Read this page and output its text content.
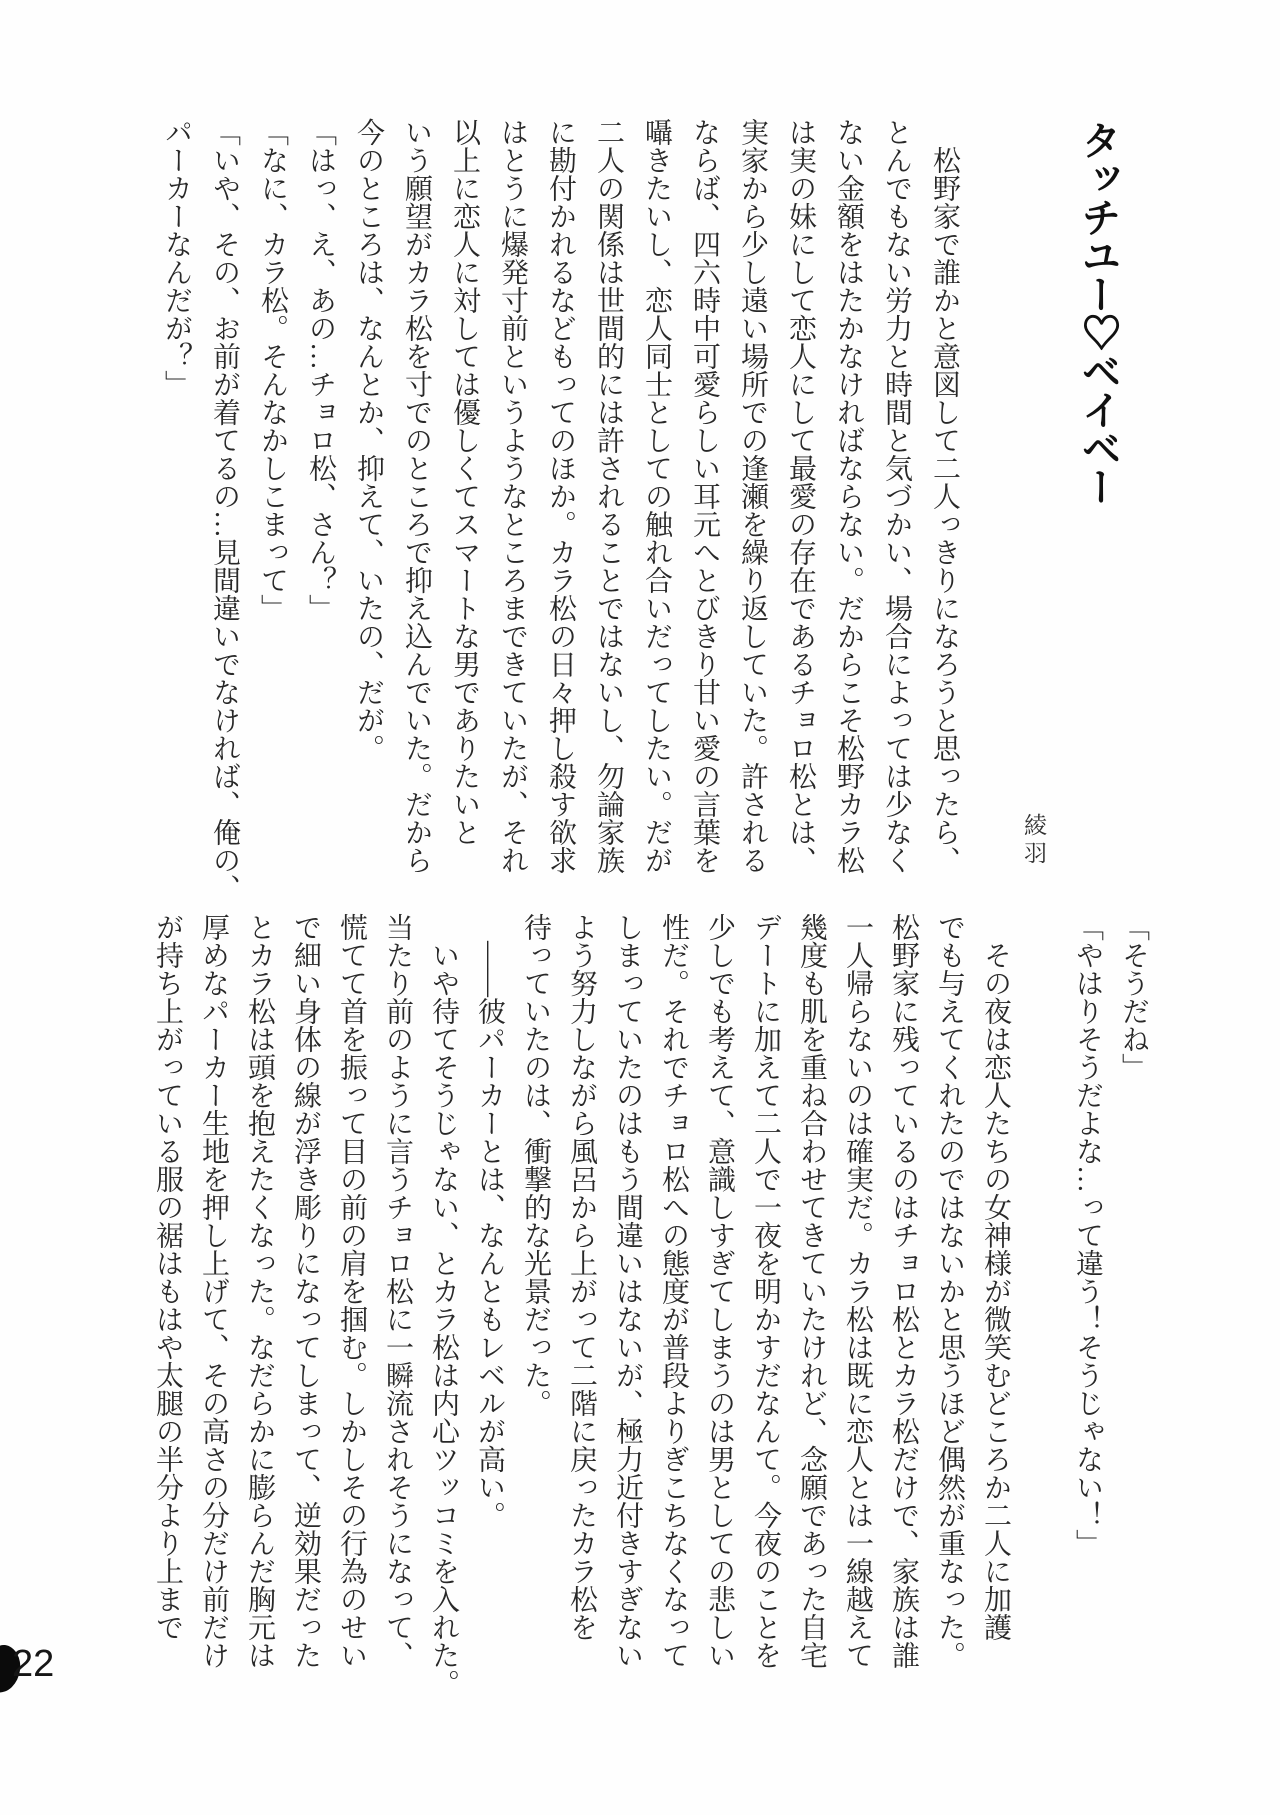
タッチユー♡ベイベー
綾羽

　松野家で誰かと意図して二人っきりになろうと思ったら、

とんでもない労力と時間と気づかい、場合によっては少なく

ない金額をはたかなければならない。だからこそ松野カラ松

は実の妹にして恋人にして最愛の存在であるチョロ松とは、

実家から少し遠い場所での逢瀬を繰り返していた。許される

ならば、四六時中可愛らしい耳元へとびきり甘い愛の言葉を

囁きたいし、恋人同士としての触れ合いだってしたい。だが

二人の関係は世間的には許されることではないし、勿論家族

に勘付かれるなどもってのほか。カラ松の日々押し殺す欲求

はとうに爆発寸前というようなところまできていたが、それ

以上に恋人に対しては優しくてスマートな男でありたいと

いう願望がカラ松を寸でのところで抑え込んでいた。だから

今のところは、なんとか、抑えて、いたの、だが。

「はっ、え、あの…チョロ松、さん？」

「なに、カラ松。そんなかしこまって」

「いや、その、お前が着てるの…見間違いでなければ、俺の、

パーカーなんだが？」

「そうだね」

「やはりそうだよな…って違う！そうじゃない！」

　その夜は恋人たちの女神様が微笑むどころか二人に加護

でも与えてくれたのではないかと思うほど偶然が重なった。

松野家に残っているのはチョロ松とカラ松だけで、家族は誰

一人帰らないのは確実だ。カラ松は既に恋人とは一線越えて

幾度も肌を重ね合わせてきていたけれど、念願であった自宅

デートに加えて二人で一夜を明かすだなんて。今夜のことを

少しでも考えて、意識しすぎてしまうのは男としての悲しい

性だ。それでチョロ松への態度が普段よりぎこちなくなって

しまっていたのはもう間違いはないが、極力近付きすぎない

よう努力しながら風呂から上がって二階に戻ったカラ松を

待っていたのは、衝撃的な光景だった。

　――彼パーカーとは、なんともレベルが高い。

　いや待てそうじゃない、とカラ松は内心ツッコミを入れた。

当たり前のように言うチョロ松に一瞬流されそうになって、

慌てて首を振って目の前の肩を掴む。しかしその行為のせい

で細い身体の線が浮き彫りになってしまって、逆効果だった

とカラ松は頭を抱えたくなった。なだらかに膨らんだ胸元は

厚めなパーカー生地を押し上げて、その高さの分だけ前だけ

が持ち上がっている服の裾はもはや太腿の半分より上まで

22
